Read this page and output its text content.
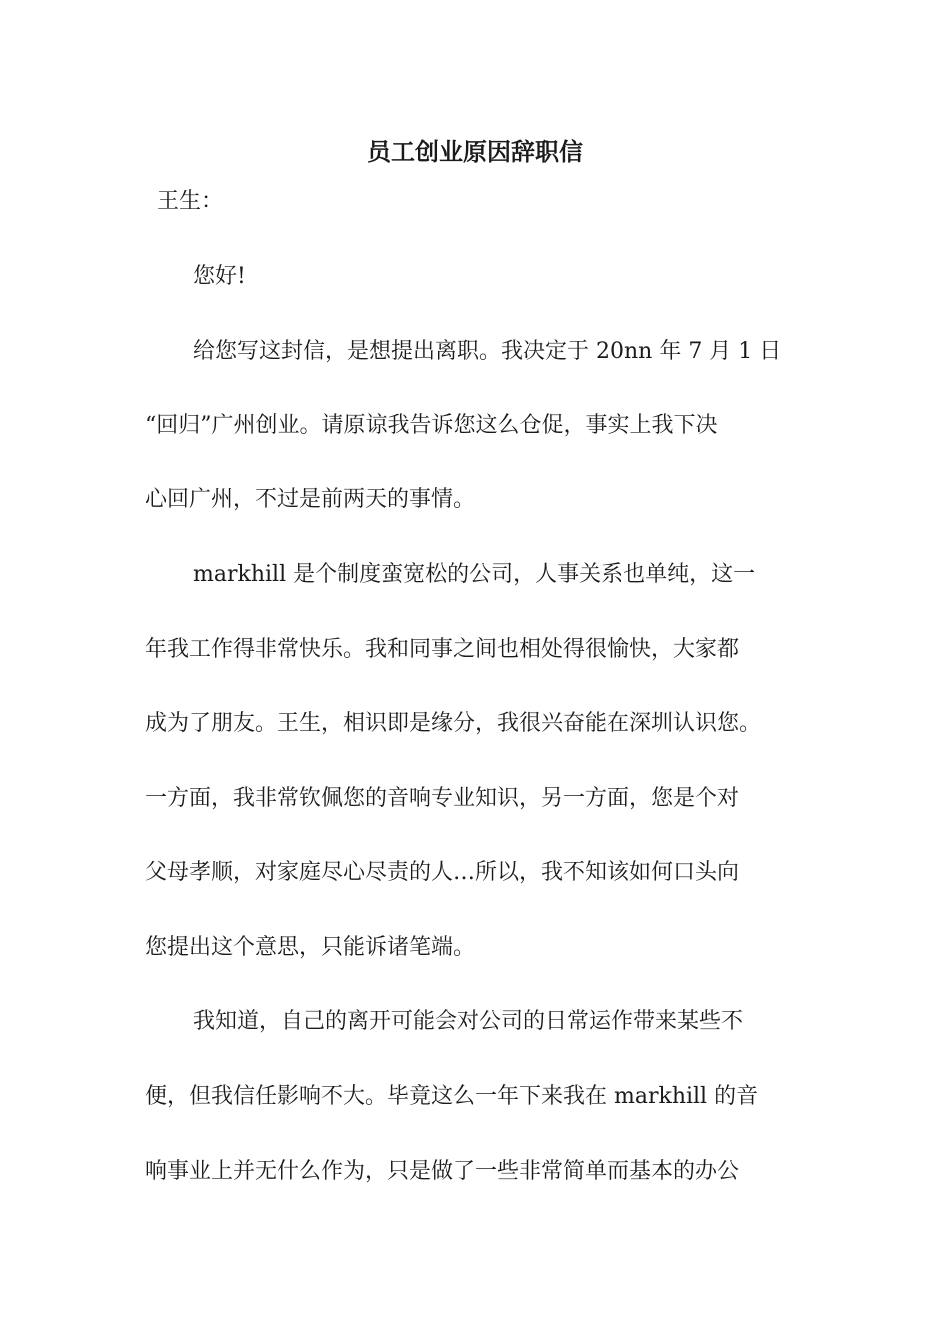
员工创业原因辞职信

王生：

您好!

给您写这封信，是想提出离职。我决定于 20nn 年 7 月 1 日

“回归”广州创业。请原谅我告诉您这么仓促，事实上我下决

心回广州，不过是前两天的事情。

markhill 是个制度蛮宽松的公司，人事关系也单纯，这一

年我工作得非常快乐。我和同事之间也相处得很愉快，大家都

成为了朋友。王生，相识即是缘分，我很兴奋能在深圳认识您。

一方面，我非常钦佩您的音响专业知识，另一方面，您是个对

父母孝顺，对家庭尽心尽责的人…所以，我不知该如何口头向

您提出这个意思，只能诉诸笔端。

我知道，自己的离开可能会对公司的日常运作带来某些不

便，但我信任影响不大。毕竟这么一年下来我在 markhill 的音

响事业上并无什么作为，只是做了一些非常简单而基本的办公
